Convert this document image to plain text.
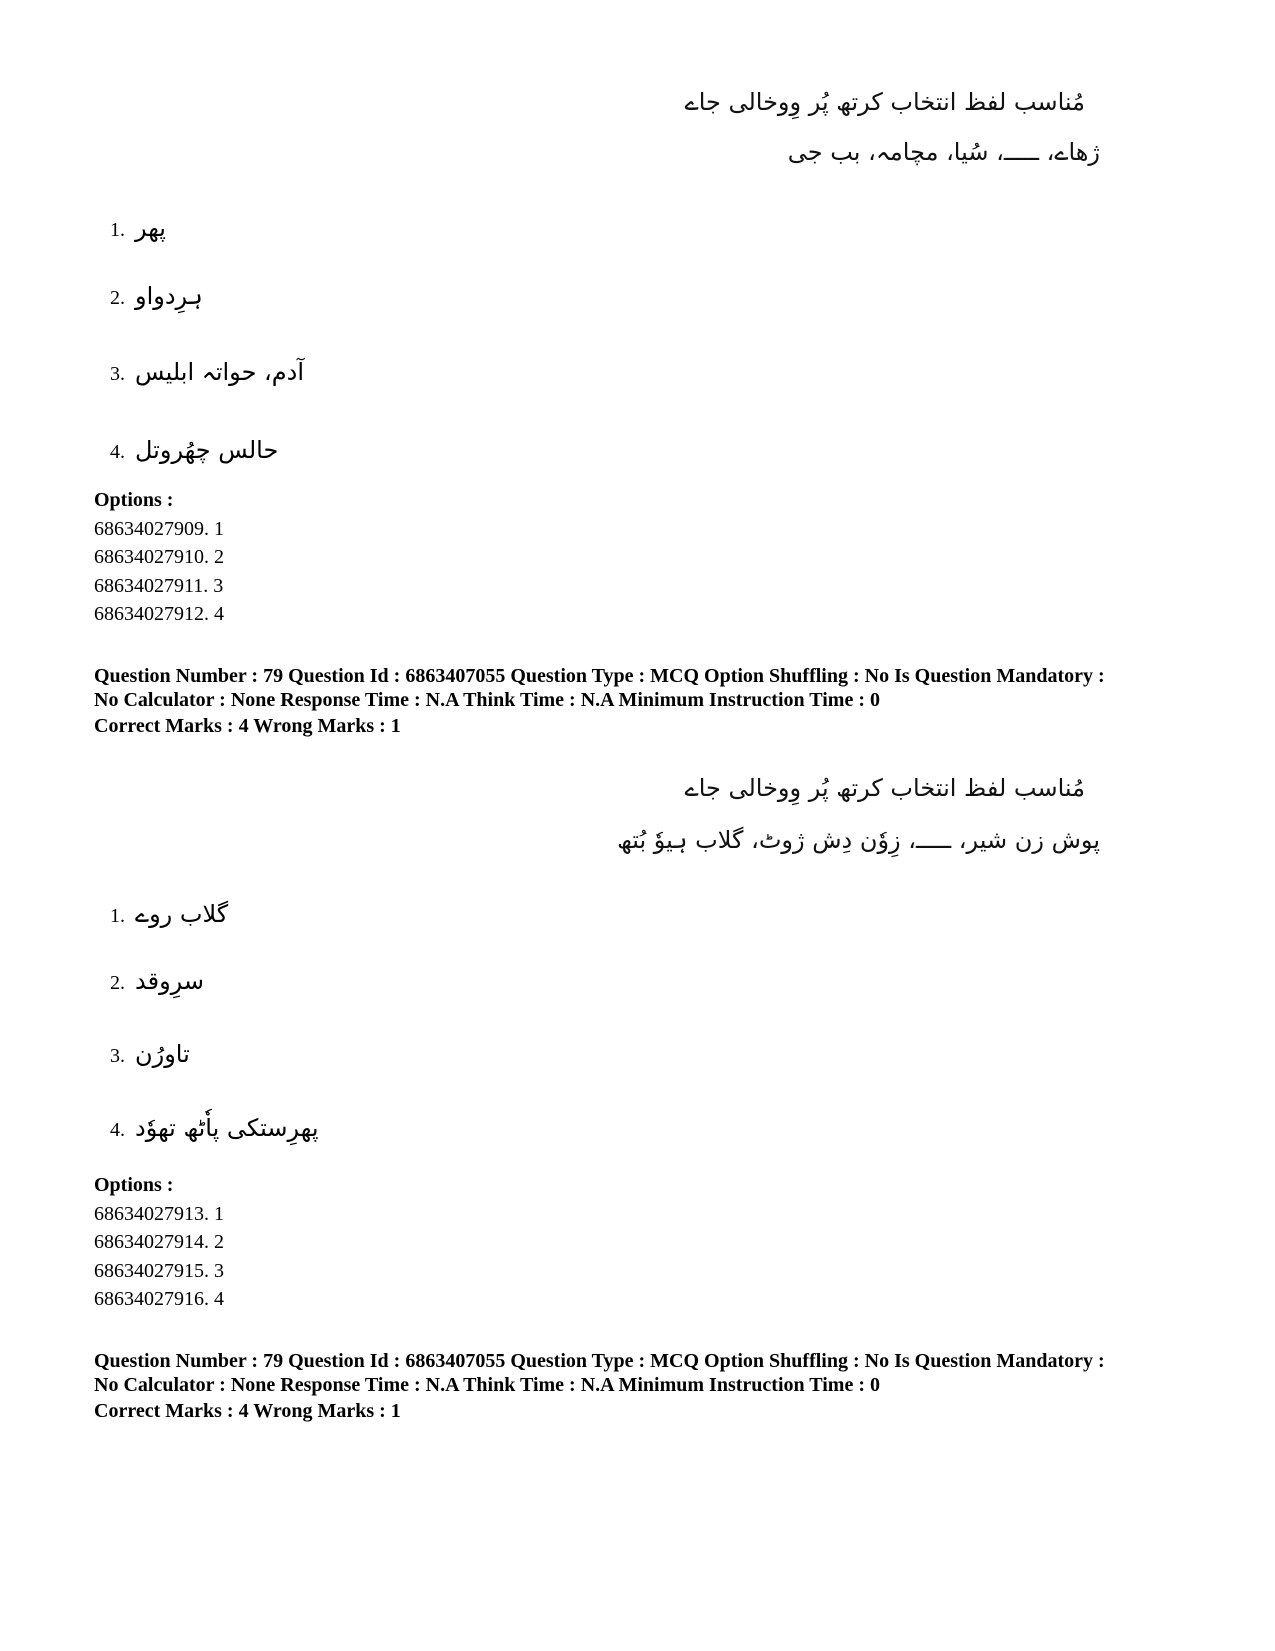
مُناسب لفظ انتخاب کرتھ پُر وِوخالی جاے
ژھاے، ـــــ، سُیا، مچامہ، بب جی
1. پھر
2. ہرِدواو
3. آدم، حواتہ ابلیس
4. حالس چھُروتل
Options :
68634027909. 1
68634027910. 2
68634027911. 3
68634027912. 4
Question Number : 79 Question Id : 6863407055 Question Type : MCQ Option Shuffling : No Is Question Mandatory :
No Calculator : None Response Time : N.A Think Time : N.A Minimum Instruction Time : 0
Correct Marks : 4 Wrong Marks : 1
مُناسب لفظ انتخاب کرتھ پُر وِوخالی جاے
پوش زن شیر، ـــــ، زِوٗن دِش ژوٹ، گلاب ہیوٗ بُتھ
1. گلاب روے
2. سرِوقد
3. تاورُن
4. پھرِستکی پاٗٹھ تھوٗد
Options :
68634027913. 1
68634027914. 2
68634027915. 3
68634027916. 4
Question Number : 79 Question Id : 6863407055 Question Type : MCQ Option Shuffling : No Is Question Mandatory :
No Calculator : None Response Time : N.A Think Time : N.A Minimum Instruction Time : 0
Correct Marks : 4 Wrong Marks : 1
